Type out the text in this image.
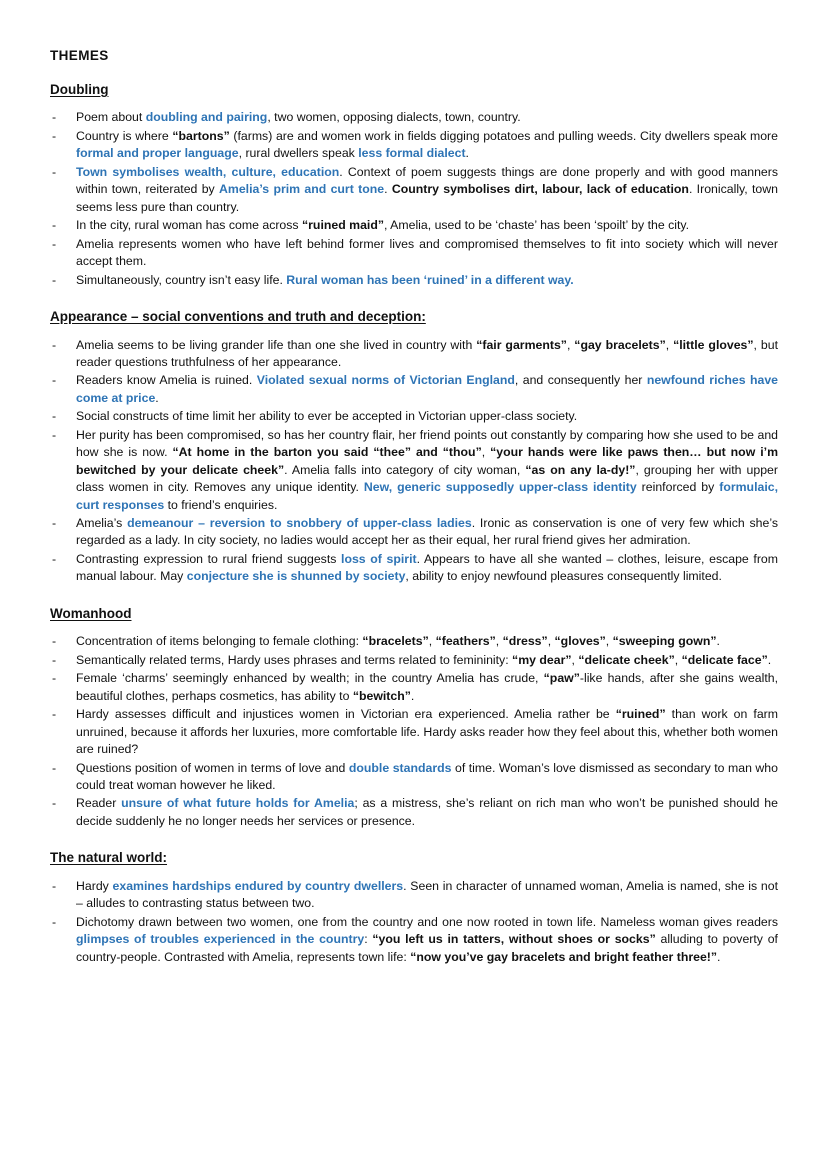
THEMES
Doubling
- Poem about doubling and pairing, two women, opposing dialects, town, country.
- Country is where “bartons” (farms) are and women work in fields digging potatoes and pulling weeds. City dwellers speak more formal and proper language, rural dwellers speak less formal dialect.
- Town symbolises wealth, culture, education. Context of poem suggests things are done properly and with good manners within town, reiterated by Amelia’s prim and curt tone. Country symbolises dirt, labour, lack of education. Ironically, town seems less pure than country.
- In the city, rural woman has come across “ruined maid”, Amelia, used to be ‘chaste’ has been ‘spoilt’ by the city.
- Amelia represents women who have left behind former lives and compromised themselves to fit into society which will never accept them.
- Simultaneously, country isn’t easy life. Rural woman has been ‘ruined’ in a different way.
Appearance – social conventions and truth and deception:
- Amelia seems to be living grander life than one she lived in country with “fair garments”, “gay bracelets”, “little gloves”, but reader questions truthfulness of her appearance.
- Readers know Amelia is ruined. Violated sexual norms of Victorian England, and consequently her newfound riches have come at price.
- Social constructs of time limit her ability to ever be accepted in Victorian upper-class society.
- Her purity has been compromised, so has her country flair, her friend points out constantly by comparing how she used to be and how she is now. “At home in the barton you said “thee” and “thou”, “your hands were like paws then… but now i’m bewitched by your delicate cheek”. Amelia falls into category of city woman, “as on any la-dy!”, grouping her with upper class women in city. Removes any unique identity. New, generic supposedly upper-class identity reinforced by formulaic, curt responses to friend’s enquiries.
- Amelia’s demeanour – reversion to snobbery of upper-class ladies. Ironic as conservation is one of very few which she’s regarded as a lady. In city society, no ladies would accept her as their equal, her rural friend gives her admiration.
- Contrasting expression to rural friend suggests loss of spirit. Appears to have all she wanted – clothes, leisure, escape from manual labour. May conjecture she is shunned by society, ability to enjoy newfound pleasures consequently limited.
Womanhood
- Concentration of items belonging to female clothing: “bracelets”, “feathers”, “dress”, “gloves”, “sweeping gown”.
- Semantically related terms, Hardy uses phrases and terms related to femininity: “my dear”, “delicate cheek”, “delicate face”.
- Female ‘charms’ seemingly enhanced by wealth; in the country Amelia has crude, “paw”-like hands, after she gains wealth, beautiful clothes, perhaps cosmetics, has ability to “bewitch”.
- Hardy assesses difficult and injustices women in Victorian era experienced. Amelia rather be “ruined” than work on farm unruined, because it affords her luxuries, more comfortable life. Hardy asks reader how they feel about this, whether both women are ruined?
- Questions position of women in terms of love and double standards of time. Woman’s love dismissed as secondary to man who could treat woman however he liked.
- Reader unsure of what future holds for Amelia; as a mistress, she’s reliant on rich man who won’t be punished should he decide suddenly he no longer needs her services or presence.
The natural world:
- Hardy examines hardships endured by country dwellers. Seen in character of unnamed woman, Amelia is named, she is not – alludes to contrasting status between two.
- Dichotomy drawn between two women, one from the country and one now rooted in town life. Nameless woman gives readers glimpses of troubles experienced in the country: “you left us in tatters, without shoes or socks” alluding to poverty of country-people. Contrasted with Amelia, represents town life: “now you’ve gay bracelets and bright feather three!”.
